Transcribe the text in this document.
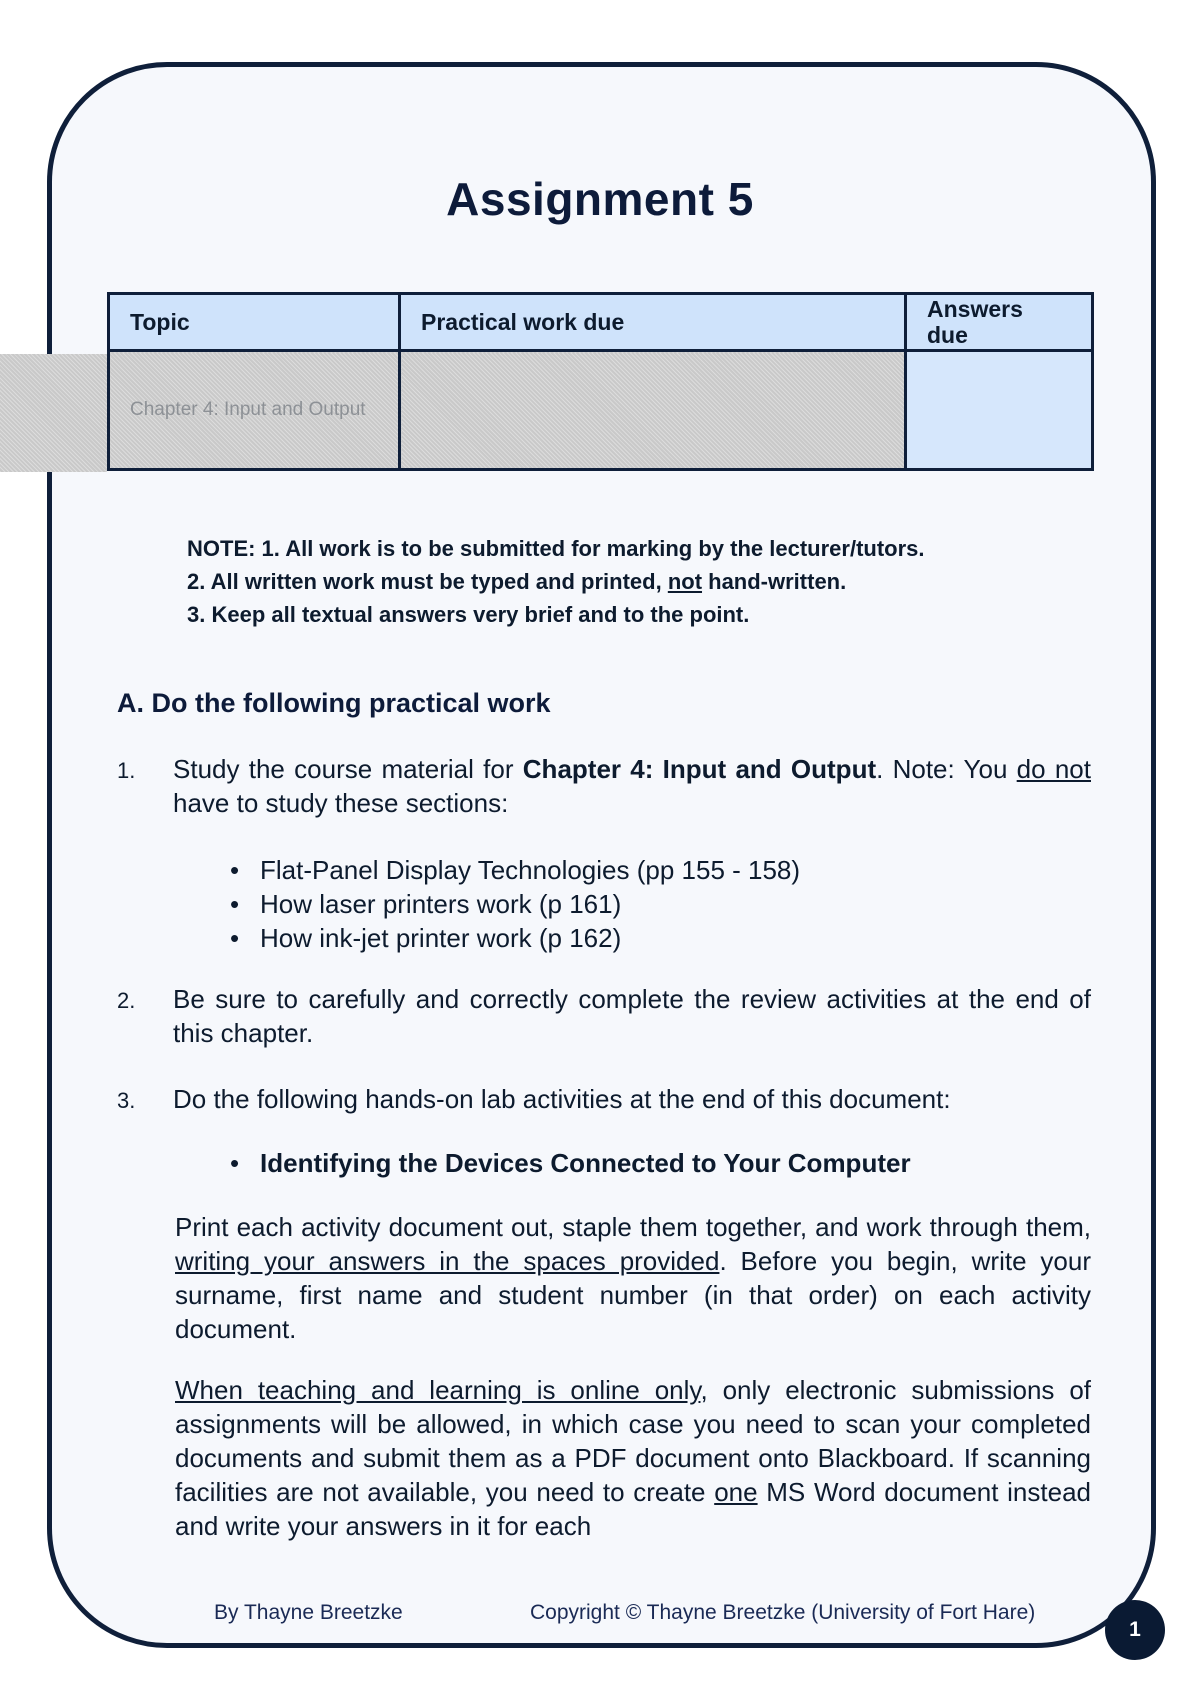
Assignment 5
Topic	Practical work due	Answers
due
Chapter 4: Input and Output		
NOTE: 1. All work is to be submitted for marking by the lecturer/tutors.
2. All written work must be typed and printed, not hand-written.
3. Keep all textual answers very brief and to the point.
A. Do the following practical work
1. Study the course material for Chapter 4: Input and Output. Note: You do not have to study these sections:
• Flat-Panel Display Technologies (pp 155 - 158)
• How laser printers work (p 161)
• How ink-jet printer work (p 162)
2. Be sure to carefully and correctly complete the review activities at the end of this chapter.
3. Do the following hands-on lab activities at the end of this document:
• Identifying the Devices Connected to Your Computer
Print each activity document out, staple them together, and work through them, writing your answers in the spaces provided. Before you begin, write your surname, first name and student number (in that order) on each activity document.
When teaching and learning is online only, only electronic submissions of assignments will be allowed, in which case you need to scan your completed documents and submit them as a PDF document onto Blackboard. If scanning facilities are not available, you need to create one MS Word document instead and write your answers in it for each
By Thayne Breetzke	Copyright © Thayne Breetzke (University of Fort Hare)
1
